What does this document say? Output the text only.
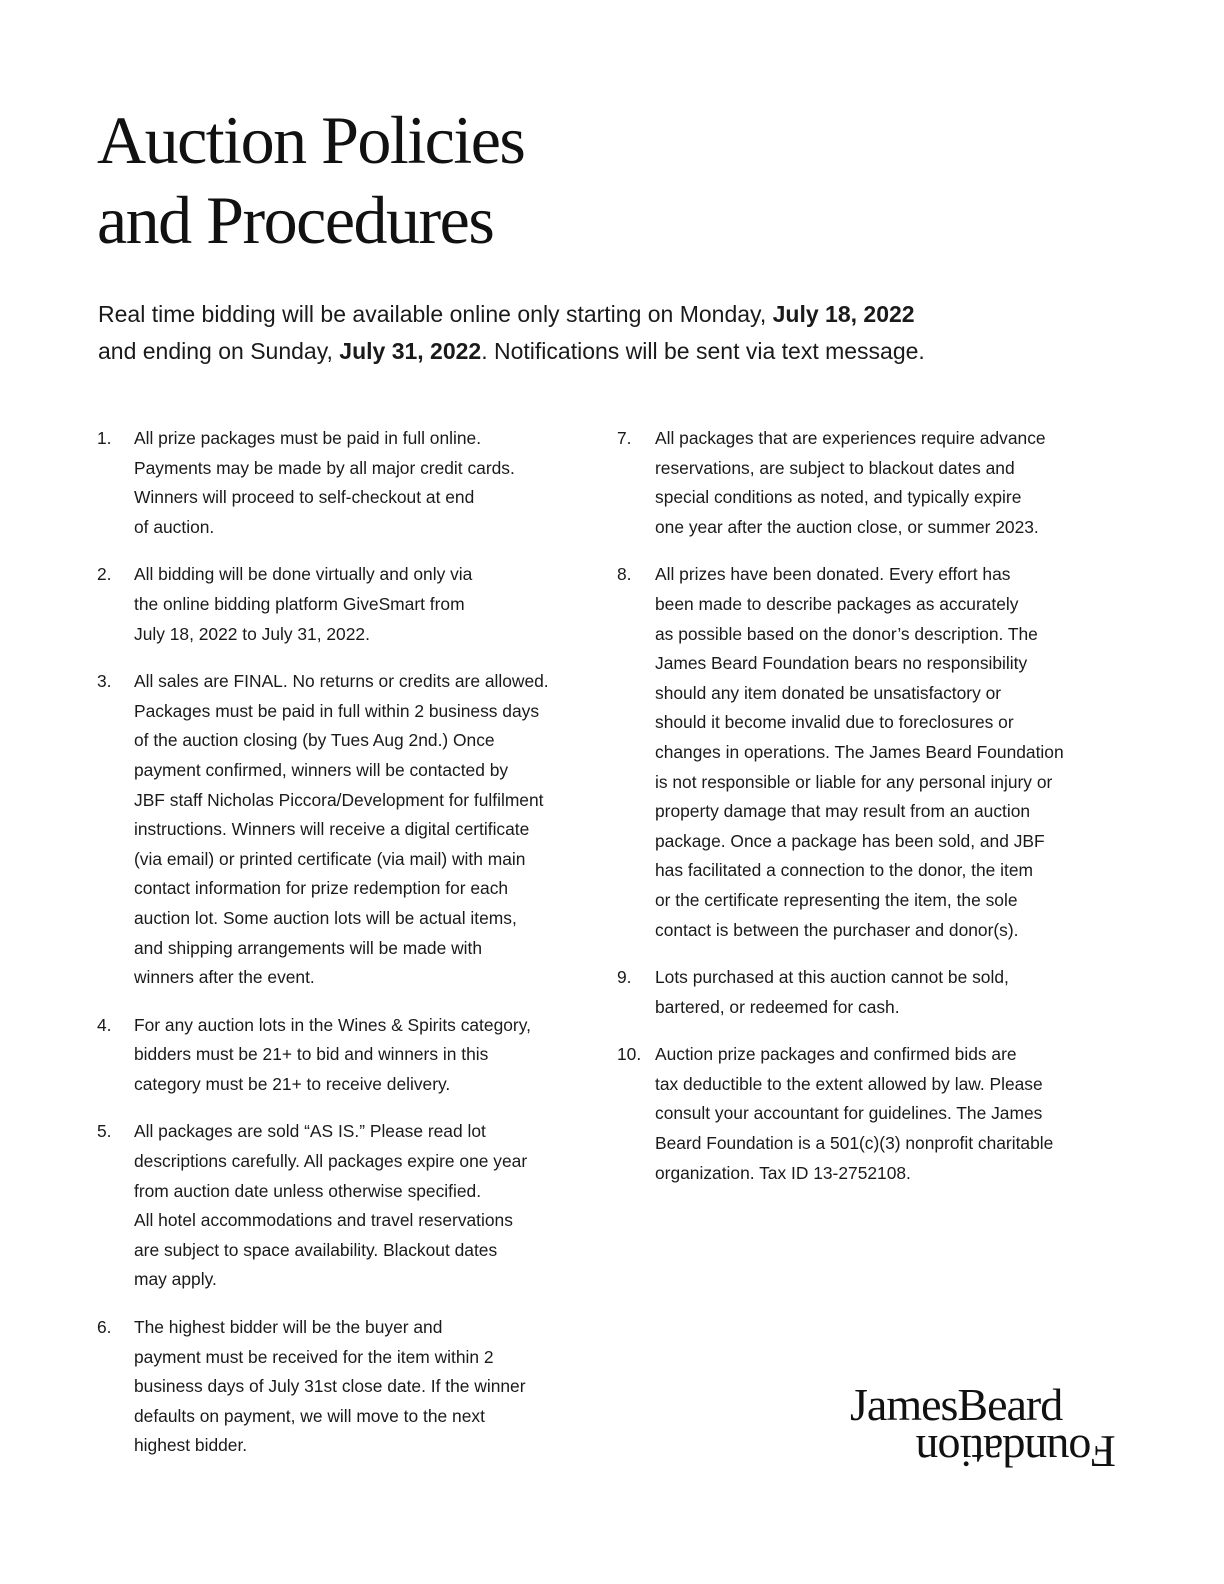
Auction Policies
and Procedures
Real time bidding will be available online only starting on Monday, July 18, 2022
and ending on Sunday, July 31, 2022. Notifications will be sent via text message.
1. All prize packages must be paid in full online.
Payments may be made by all major credit cards.
Winners will proceed to self-checkout at end
of auction.
2. All bidding will be done virtually and only via
the online bidding platform GiveSmart from
July 18, 2022 to July 31, 2022.
3. All sales are FINAL. No returns or credits are allowed.
Packages must be paid in full within 2 business days
of the auction closing (by Tues Aug 2nd.) Once
payment confirmed, winners will be contacted by
JBF staff Nicholas Piccora/Development for fulfilment
instructions. Winners will receive a digital certificate
(via email) or printed certificate (via mail) with main
contact information for prize redemption for each
auction lot. Some auction lots will be actual items,
and shipping arrangements will be made with
winners after the event.
4. For any auction lots in the Wines & Spirits category,
bidders must be 21+ to bid and winners in this
category must be 21+ to receive delivery.
5. All packages are sold “AS IS.” Please read lot
descriptions carefully. All packages expire one year
from auction date unless otherwise specified.
All hotel accommodations and travel reservations
are subject to space availability. Blackout dates
may apply.
6. The highest bidder will be the buyer and
payment must be received for the item within 2
business days of July 31st close date. If the winner
defaults on payment, we will move to the next
highest bidder.
7. All packages that are experiences require advance
reservations, are subject to blackout dates and
special conditions as noted, and typically expire
one year after the auction close, or summer 2023.
8. All prizes have been donated. Every effort has
been made to describe packages as accurately
as possible based on the donor’s description. The
James Beard Foundation bears no responsibility
should any item donated be unsatisfactory or
should it become invalid due to foreclosures or
changes in operations. The James Beard Foundation
is not responsible or liable for any personal injury or
property damage that may result from an auction
package. Once a package has been sold, and JBF
has facilitated a connection to the donor, the item
or the certificate representing the item, the sole
contact is between the purchaser and donor(s).
9. Lots purchased at this auction cannot be sold,
bartered, or redeemed for cash.
10. Auction prize packages and confirmed bids are
tax deductible to the extent allowed by law. Please
consult your accountant for guidelines. The James
Beard Foundation is a 501(c)(3) nonprofit charitable
organization. Tax ID 13-2752108.
JamesBeard
Foundation
